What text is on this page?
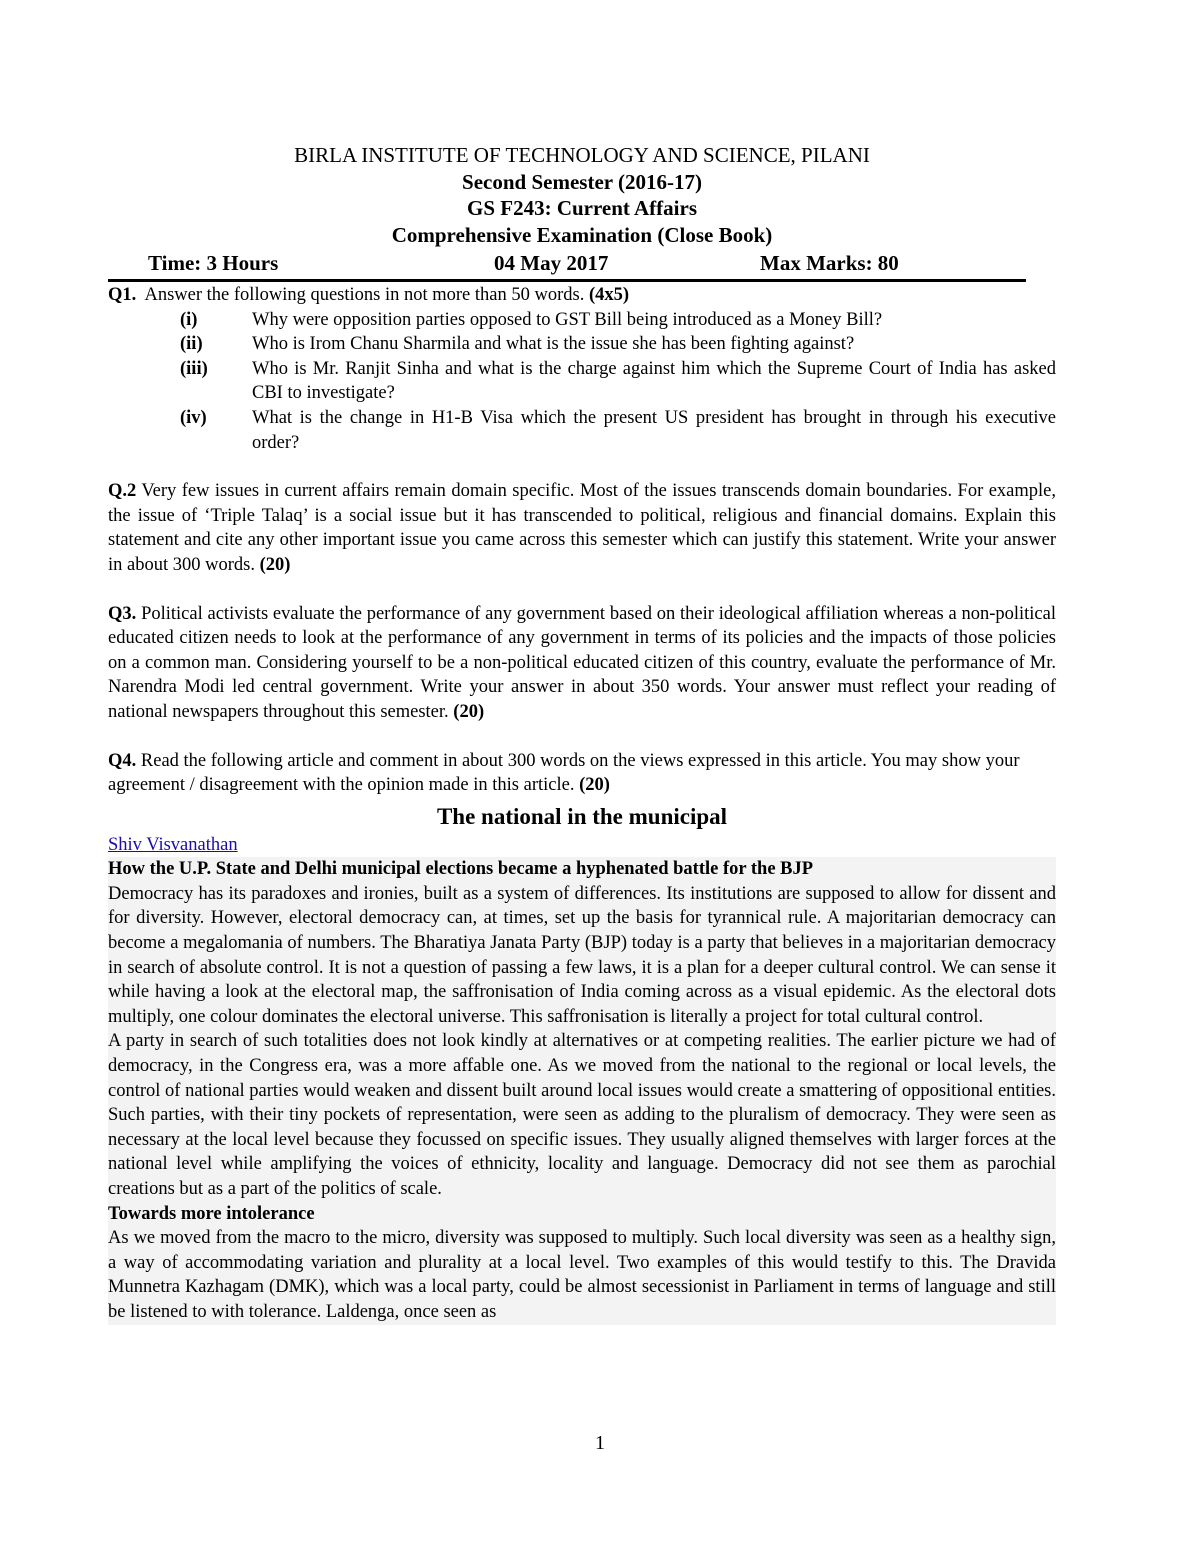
BIRLA INSTITUTE OF TECHNOLOGY AND SCIENCE, PILANI
Second Semester (2016-17)
GS F243: Current Affairs
Comprehensive Examination (Close Book)
Time: 3 Hours	04 May 2017	Max Marks: 80

Q1. Answer the following questions in not more than 50 words. (4x5)

(i)	Why were opposition parties opposed to GST Bill being introduced as a Money Bill?
(ii)	Who is Irom Chanu Sharmila and what is the issue she has been fighting against?
(iii)	Who is Mr. Ranjit Sinha and what is the charge against him which the Supreme Court of India has asked CBI to investigate?
(iv)	What is the change in H1-B Visa which the present US president has brought in through his executive order?

Q.2 Very few issues in current affairs remain domain specific. Most of the issues transcends domain boundaries. For example, the issue of ‘Triple Talaq’ is a social issue but it has transcended to political, religious and financial domains. Explain this statement and cite any other important issue you came across this semester which can justify this statement. Write your answer in about 300 words. (20)

Q3. Political activists evaluate the performance of any government based on their ideological affiliation whereas a non-political educated citizen needs to look at the performance of any government in terms of its policies and the impacts of those policies on a common man. Considering yourself to be a non-political educated citizen of this country, evaluate the performance of Mr. Narendra Modi led central government. Write your answer in about 350 words. Your answer must reflect your reading of national newspapers throughout this semester. (20)

Q4. Read the following article and comment in about 300 words on the views expressed in this article. You may show your agreement / disagreement with the opinion made in this article. (20)

The national in the municipal
Shiv Visvanathan

How the U.P. State and Delhi municipal elections became a hyphenated battle for the BJP

Democracy has its paradoxes and ironies, built as a system of differences. Its institutions are supposed to allow for dissent and for diversity. However, electoral democracy can, at times, set up the basis for tyrannical rule. A majoritarian democracy can become a megalomania of numbers. The Bharatiya Janata Party (BJP) today is a party that believes in a majoritarian democracy in search of absolute control. It is not a question of passing a few laws, it is a plan for a deeper cultural control. We can sense it while having a look at the electoral map, the saffronisation of India coming across as a visual epidemic. As the electoral dots multiply, one colour dominates the electoral universe. This saffronisation is literally a project for total cultural control.

A party in search of such totalities does not look kindly at alternatives or at competing realities. The earlier picture we had of democracy, in the Congress era, was a more affable one. As we moved from the national to the regional or local levels, the control of national parties would weaken and dissent built around local issues would create a smattering of oppositional entities. Such parties, with their tiny pockets of representation, were seen as adding to the pluralism of democracy. They were seen as necessary at the local level because they focussed on specific issues. They usually aligned themselves with larger forces at the national level while amplifying the voices of ethnicity, locality and language. Democracy did not see them as parochial creations but as a part of the politics of scale.

Towards more intolerance

As we moved from the macro to the micro, diversity was supposed to multiply. Such local diversity was seen as a healthy sign, a way of accommodating variation and plurality at a local level. Two examples of this would testify to this. The Dravida Munnetra Kazhagam (DMK), which was a local party, could be almost secessionist in Parliament in terms of language and still be listened to with tolerance. Laldenga, once seen as

1
